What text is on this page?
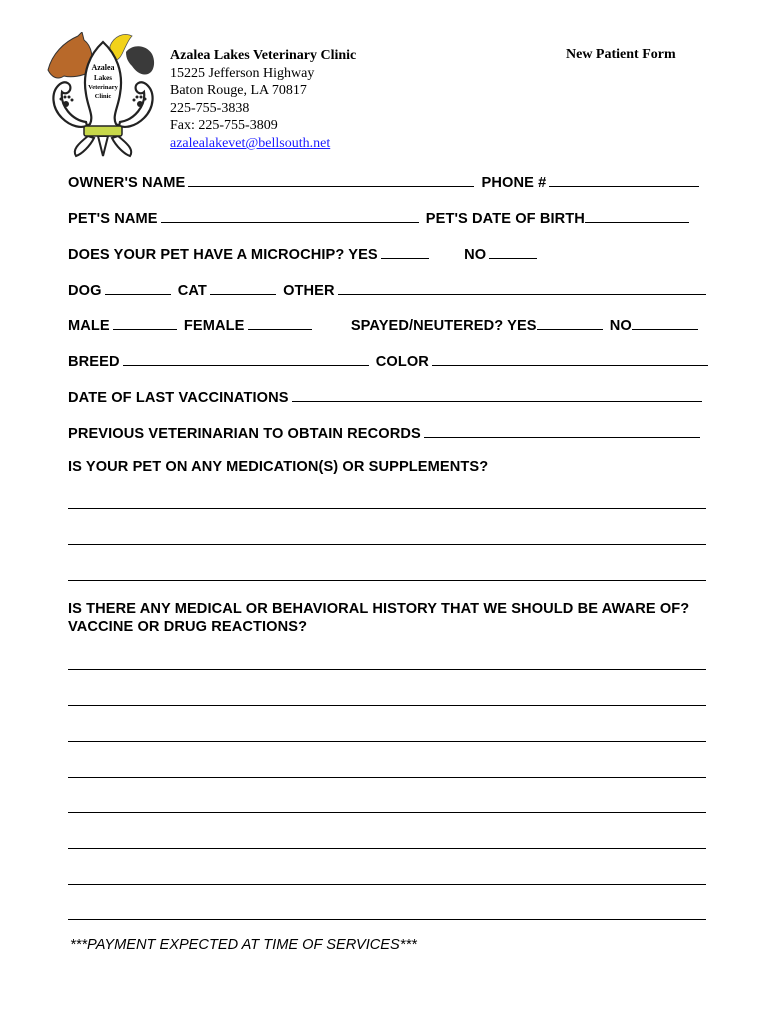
Azalea
Lakes
Veterinary
Clinic
Azalea Lakes Veterinary Clinic
15225 Jefferson Highway
Baton Rouge, LA 70817
225-755-3838
Fax: 225-755-3809
azalealakevet@bellsouth.net
New Patient Form
OWNER'S NAME	PHONE #
PET'S NAME	PET'S DATE OF BIRTH
DOES YOUR PET HAVE A MICROCHIP? YES	NO
DOG	CAT	OTHER
MALE	FEMALE	SPAYED/NEUTERED? YES	NO
BREED	COLOR
DATE OF LAST VACCINATIONS
PREVIOUS VETERINARIAN TO OBTAIN RECORDS
IS YOUR PET ON ANY MEDICATION(S) OR SUPPLEMENTS?
IS THERE ANY MEDICAL OR BEHAVIORAL HISTORY THAT WE SHOULD BE AWARE OF?
VACCINE OR DRUG REACTIONS?
***PAYMENT EXPECTED AT TIME OF SERVICES***
